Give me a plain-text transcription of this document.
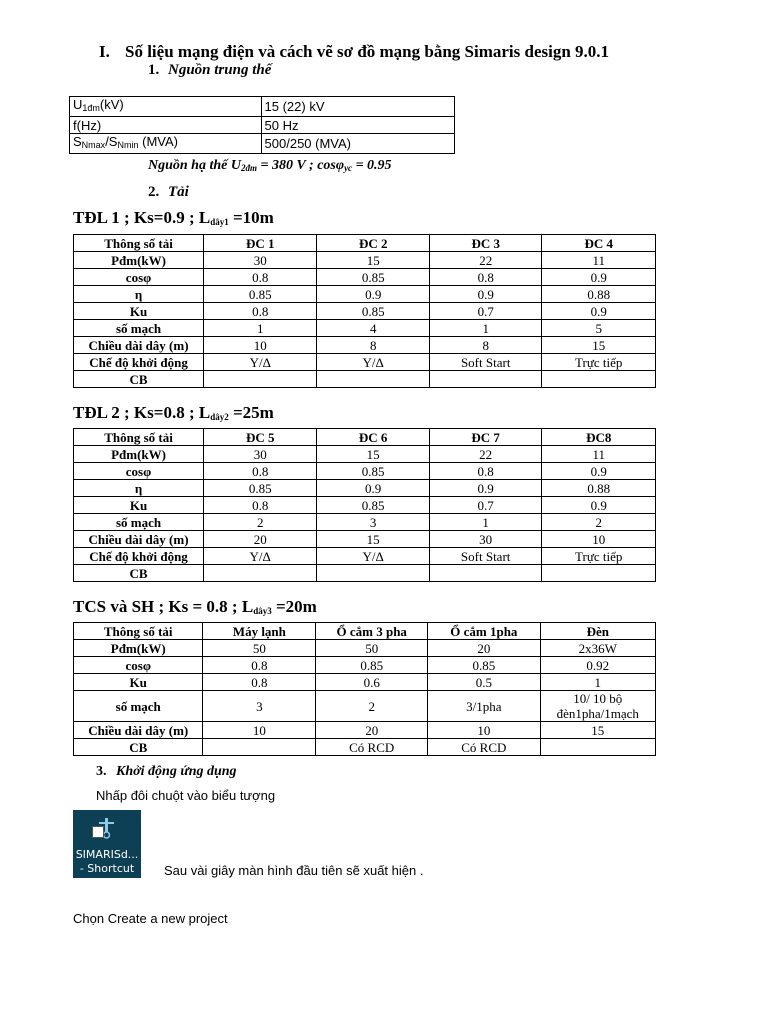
I. Số liệu mạng điện và cách vẽ sơ đồ mạng bằng Simaris design 9.0.1
1. Nguồn trung thế
$U_{1đm}(kV)$	15 (22) kV
f(Hz)	50 Hz
$S_{Nmax}/S_{Nmin}$ (MVA)	500/250 (MVA)
Nguồn hạ thế $U_{2đm} = 380$ V ; cosφ$_{yc}$ = 0.95
2. Tải
TĐL 1 ; Ks=0.9 ; $L_{dây1} =10m$
Thông số tải	ĐC 1	ĐC 2	ĐC 3	ĐC 4
Pđm(kW)	30	15	22	11
cosφ	0.8	0.85	0.8	0.9
η	0.85	0.9	0.9	0.88
Ku	0.8	0.85	0.7	0.9
số mạch	1	4	1	5
Chiều dài dây (m)	10	8	8	15
Chế độ khởi động	Y/Δ	Y/Δ	Soft Start	Trực tiếp
CB				
TĐL 2 ; Ks=0.8 ; $L_{dây2} =25m$
Thông số tải	ĐC 5	ĐC 6	ĐC 7	ĐC8
Pđm(kW)	30	15	22	11
cosφ	0.8	0.85	0.8	0.9
η	0.85	0.9	0.9	0.88
Ku	0.8	0.85	0.7	0.9
số mạch	2	3	1	2
Chiều dài dây (m)	20	15	30	10
Chế độ khởi động	Y/Δ	Y/Δ	Soft Start	Trực tiếp
CB				
TCS và SH ; Ks = 0.8 ; $L_{dây3} =20m$
Thông số tải	Máy lạnh	Ổ cắm 3 pha	Ổ cắm 1pha	Đèn
Pđm(kW)	50	50	20	2x36W
cosφ	0.8	0.85	0.85	0.92
Ku	0.8	0.6	0.5	1
số mạch	3	2	3/1pha	10/ 10 bộ đèn1pha/1mạch
Chiều dài dây (m)	10	20	10	15
CB		Có RCD	Có RCD	
3. Khởi động ứng dụng
Nhấp đôi chuột vào biểu tượng
SIMARISd...
- Shortcut	Sau vài giây màn hình đầu tiên sẽ xuất hiện .
Chọn Create a new project
